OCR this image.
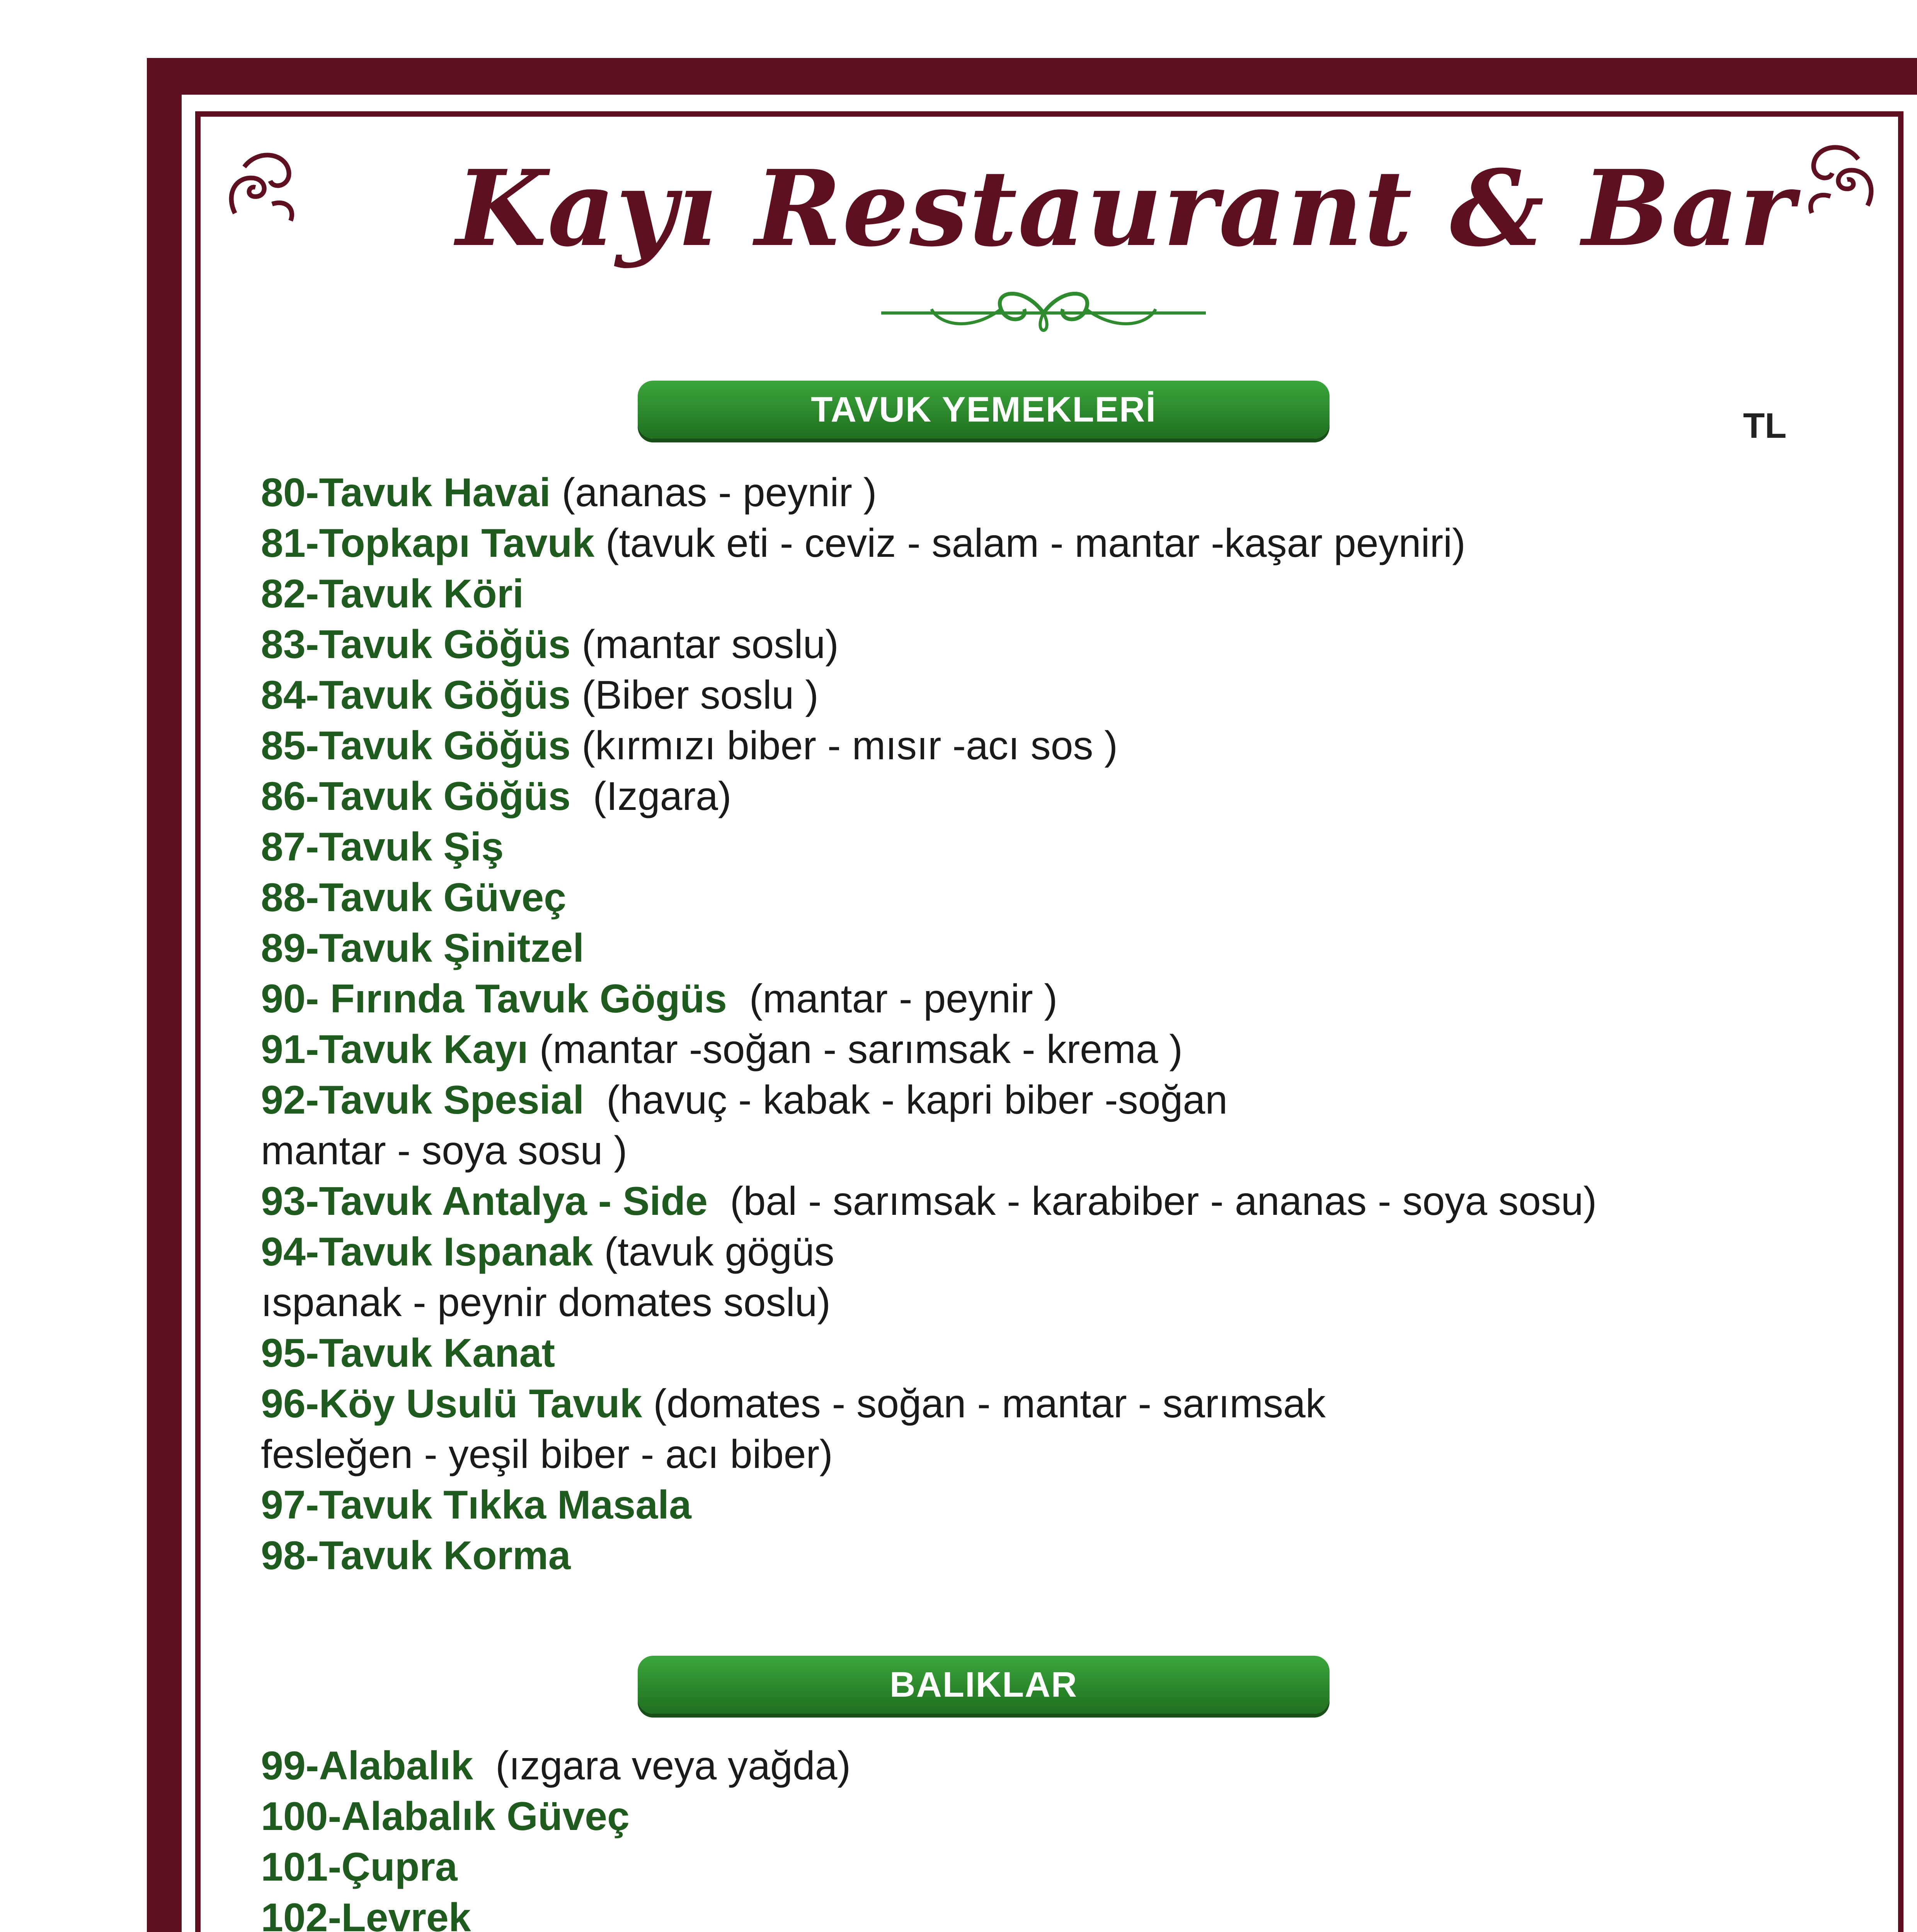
Kayı Restaurant & Bar
TAVUK YEMEKLERİ	TL
80-Tavuk Havai (ananas - peynir )
81-Topkapı Tavuk (tavuk eti - ceviz - salam - mantar -kaşar peyniri)
82-Tavuk Köri
83-Tavuk Göğüs (mantar soslu)
84-Tavuk Göğüs (Biber soslu )
85-Tavuk Göğüs (kırmızı biber - mısır -acı sos )
86-Tavuk Göğüs  (Izgara)
87-Tavuk Şiş
88-Tavuk Güveç
89-Tavuk Şinitzel
90- Fırında Tavuk Gögüs  (mantar - peynir )
91-Tavuk Kayı (mantar -soğan - sarımsak - krema )
92-Tavuk Spesial  (havuç - kabak - kapri biber -soğan
mantar - soya sosu )
93-Tavuk Antalya - Side  (bal - sarımsak - karabiber - ananas - soya sosu)
94-Tavuk Ispanak (tavuk gögüs
ıspanak - peynir domates soslu)
95-Tavuk Kanat
96-Köy Usulü Tavuk (domates - soğan - mantar - sarımsak
fesleğen - yeşil biber - acı biber)
97-Tavuk Tıkka Masala
98-Tavuk Korma
BALIKLAR
99-Alabalık  (ızgara veya yağda)
100-Alabalık Güveç
101-Çupra
102-Levrek
